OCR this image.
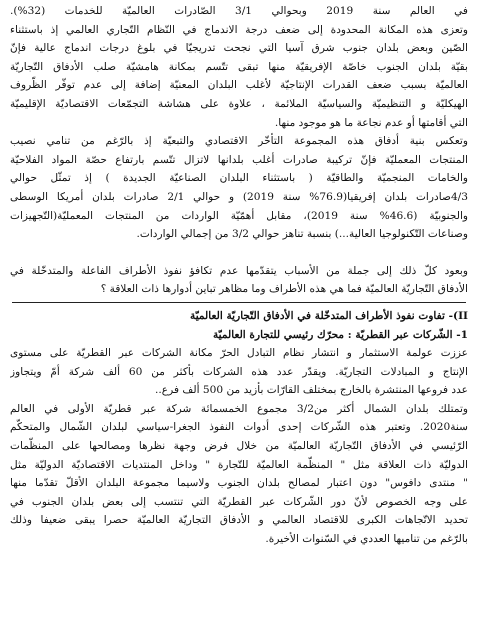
في العالم سنة 2019 وبحوالي 3/1 الصّادرات العالميّة للخدمات (32%).
وتعزى هذه المكانة المحدودة إلى ضعف درجة الاندماج في النّظام التّجاري العالمي إذ باستثناء
الصّين وبعض بلدان جنوب شرق آسيا التي نجحت تدريجيّا في بلوغ درجات اندماج عالية فإنّ
بقيّة بلدان الجنوب خاصّة الإفريقيّة منها تبقى تتّسم بمكانة هامشيّة صلب الأدفاق التّجاريّة
العالميّة بسبب ضعف القدرات الإنتاجيّة لأغلب البلدان المعنيّة إضافة إلى عدم توفّر الظّروف
الهيكليّة و التنظيميّة والسياسيّة الملائمة ، علاوة على هشاشة التجمّعات الاقتصاديّة الإقليميّة
التي أقامتها أو عدم نجاعة ما هو موجود منها.
وتعكس بنية أدفاق هذه المجموعة التأخّر الاقتصادي والتبعيّة إذ بالرّغم من تنامي نصيب
المنتجات المعمليّة فإنّ تركيبة صادرات أغلب بلدانها لاتزال تتّسم بارتفاع حصّة المواد الفلاحيّة
والخامات المنجميّة والطاقيّة ( باستثناء البلدان الصناعيّة الجديدة ) إذ تمثّل حوالي
4/3صادرات بلدان إفريقيا(76.9% سنة 2019) و حوالي 2/1 صادرات بلدان أمريكا الوسطى
والجنوبيّة (46.6% سنة 2019)، مقابل أهمّيّة الواردات من المنتجات المعمليّة(التّجهيزات
وصناعات التّكنولوجيا العالية...) بنسبة تناهز حوالي 3/2 من إجمالي الواردات.
وبعود كلّ ذلك إلى جملة من الأسباب يتقدّمها عدم تكافؤ نفوذ الأطراف الفاعلة والمتدخّلة في
الأدفاق التّجاريّة العالميّة فما هي هذه الأطراف وما مظاهر تباين أدوارها ذات العلاقة ؟
II)- تفاوت نفوذ الأطراف المتدخّلة في الأدفاق التّجاريّة العالميّة
1- الشّركات عبر القطريّة : محرّك رئيسي للتجارة العالميّة
عززت عولمة الاستثمار و انتشار نظام التبادل الحرّ مكانة الشركات عبر القطريّة على مستوى
الإنتاج و المبادلات التجاريّة. ويقدّر عدد هذه الشركات بأكثر من 60 ألف شركة أمّ ويتجاوز
عدد فروعها المنتشرة بالخارج بمختلف القارّات بأزيد من 500 ألف فرع..
وتمتلك بلدان الشمال أكثر من3/2 مجموع الخمسمائة شركة عبر قطريّة الأولى في العالم
سنة2020. وتعتبر هذه الشّركات إحدى أدوات النفوذ الجغرا-سياسي لبلدان الشّمال والمتحكّم
الرّئيسي في الأدفاق التّجاريّة العالميّة من خلال فرض وجهة نظرها ومصالحها على المنظّمات
الدوليّة ذات العلاقة مثل " المنظّمة العالميّة للتّجارة " وداخل المنتديات الاقتصاديّة الدوليّة مثل
" منتدى دافوس" دون اعتبار لمصالح بلدان الجنوب ولاسيما مجموعة البلدان الأقلّ تقدّما منها
على وجه الخصوص لأنّ دور الشّركات عبر القطريّة التي تنتسب إلى بعض بلدان الجنوب في
تحديد الاتّجاهات الكبرى للاقتصاد العالمي و الأدفاق التجاريّة العالميّة حصرا يبقى ضعيفا وذلك
بالرّغم من تناميها العددي في السّنوات الأخيرة.
